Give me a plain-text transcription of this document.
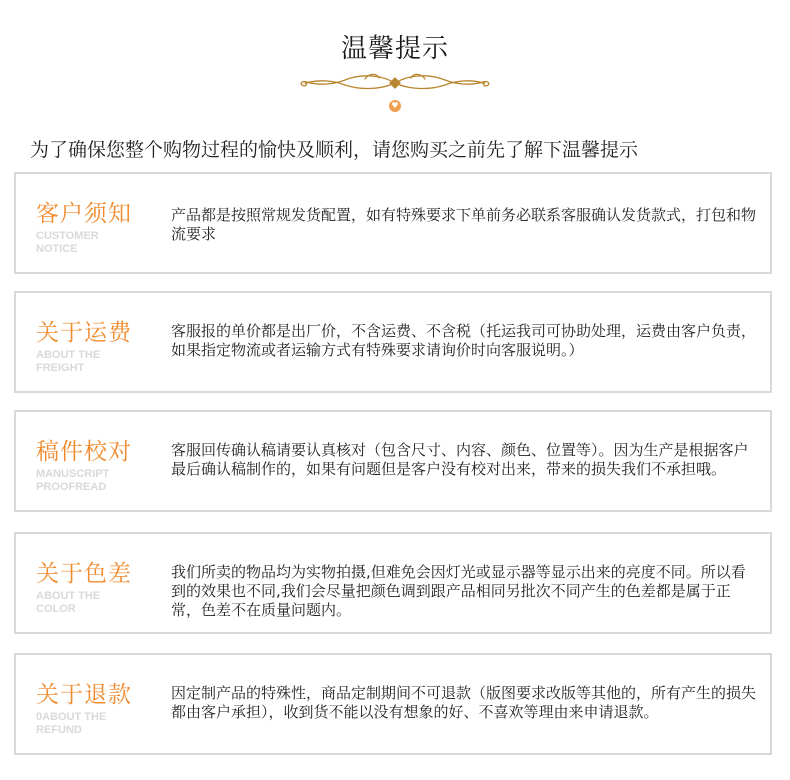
温馨提示
♥
为了确保您整个购物过程的愉快及顺利，请您购买之前先了解下温馨提示
客户须知
CUSTOMER
NOTICE
产品都是按照常规发货配置，如有特殊要求下单前务必联系客服确认发货款式，打包和物流要求
关于运费
ABOUT THE
FREIGHT
客服报的单价都是出厂价，不含运费、不含税（托运我司可协助处理，运费由客户负责，如果指定物流或者运输方式有特殊要求请询价时向客服说明。）
稿件校对
MANUSCRIPT
PROOFREAD
客服回传确认稿请要认真核对（包含尺寸、内容、颜色、位置等）。因为生产是根据客户最后确认稿制作的，如果有问题但是客户没有校对出来，带来的损失我们不承担哦。
关于色差
ABOUT THE
COLOR
我们所卖的物品均为实物拍摄,但难免会因灯光或显示器等显示出来的亮度不同。所以看到的效果也不同,我们会尽量把颜色调到跟产品相同另批次不同产生的色差都是属于正常，色差不在质量问题内。
关于退款
0ABOUT THE
REFUND
因定制产品的特殊性，商品定制期间不可退款（版图要求改版等其他的，所有产生的损失都由客户承担），收到货不能以没有想象的好、不喜欢等理由来申请退款。
